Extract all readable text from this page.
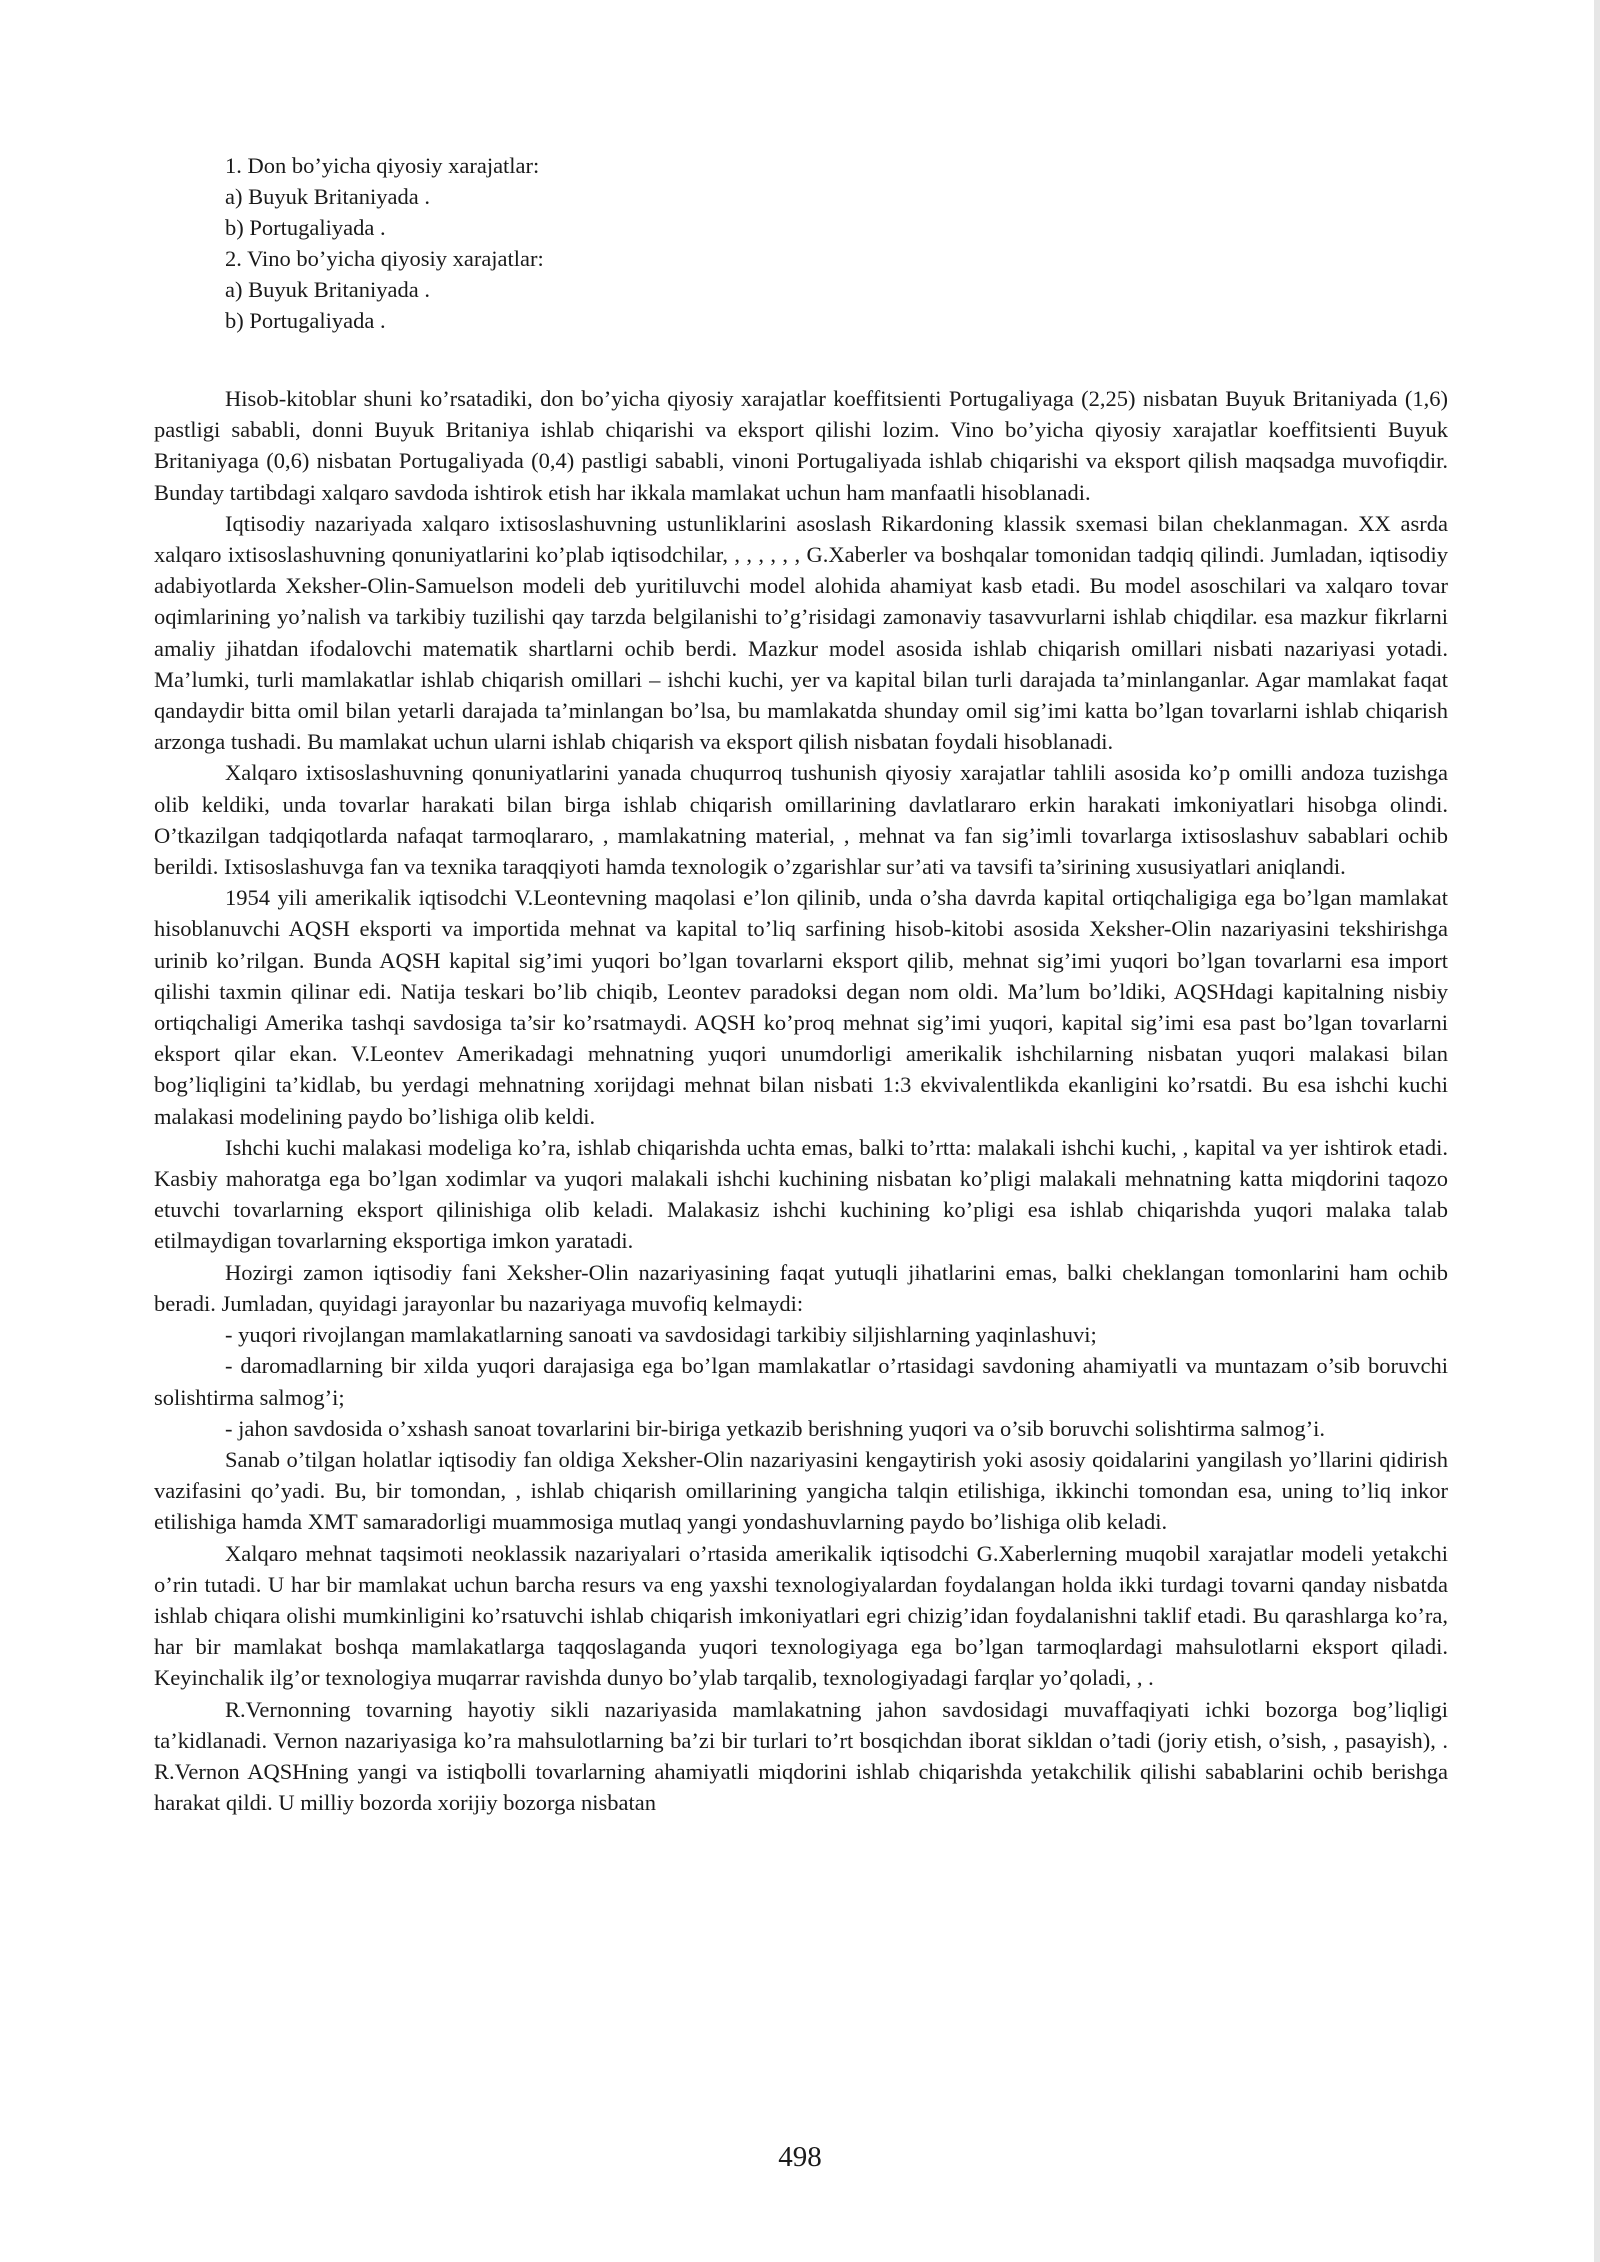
1. Don bo’yicha qiyosiy xarajatlar:
a) Buyuk Britaniyada .
b) Portugaliyada .
2. Vino bo’yicha qiyosiy xarajatlar:
a) Buyuk Britaniyada .
b) Portugaliyada .

Hisob-kitoblar shuni ko’rsatadiki, don bo’yicha qiyosiy xarajatlar koeffitsienti Portugaliyaga (2,25) nisbatan Buyuk Britaniyada (1,6) pastligi sababli, donni Buyuk Britaniya ishlab chiqarishi va eksport qilishi lozim. Vino bo’yicha qiyosiy xarajatlar koeffitsienti Buyuk Britaniyaga (0,6) nisbatan Portugaliyada (0,4) pastligi sababli, vinoni Portugaliyada ishlab chiqarishi va eksport qilish maqsadga muvofiqdir. Bunday tartibdagi xalqaro savdoda ishtirok etish har ikkala mamlakat uchun ham manfaatli hisoblanadi.

Iqtisodiy nazariyada xalqaro ixtisoslashuvning ustunliklarini asoslash Rikardoning klassik sxemasi bilan cheklanmagan. XX asrda xalqaro ixtisoslashuvning qonuniyatlarini ko’plab iqtisodchilar, , , , , , , G.Xaberler va boshqalar tomonidan tadqiq qilindi. Jumladan, iqtisodiy adabiyotlarda Xeksher-Olin-Samuelson modeli deb yuritiluvchi model alohida ahamiyat kasb etadi. Bu model asoschilari va xalqaro tovar oqimlarining yo’nalish va tarkibiy tuzilishi qay tarzda belgilanishi to’g’risidagi zamonaviy tasavvurlarni ishlab chiqdilar. esa mazkur fikrlarni amaliy jihatdan ifodalovchi matematik shartlarni ochib berdi. Mazkur model asosida ishlab chiqarish omillari nisbati nazariyasi yotadi. Ma’lumki, turli mamlakatlar ishlab chiqarish omillari – ishchi kuchi, yer va kapital bilan turli darajada ta’minlanganlar. Agar mamlakat faqat qandaydir bitta omil bilan yetarli darajada ta’minlangan bo’lsa, bu mamlakatda shunday omil sig’imi katta bo’lgan tovarlarni ishlab chiqarish arzonga tushadi. Bu mamlakat uchun ularni ishlab chiqarish va eksport qilish nisbatan foydali hisoblanadi.

Xalqaro ixtisoslashuvning qonuniyatlarini yanada chuqurroq tushunish qiyosiy xarajatlar tahlili asosida ko’p omilli andoza tuzishga olib keldiki, unda tovarlar harakati bilan birga ishlab chiqarish omillarining davlatlararo erkin harakati imkoniyatlari hisobga olindi. O’tkazilgan tadqiqotlarda nafaqat tarmoqlararo, , mamlakatning material, , mehnat va fan sig’imli tovarlarga ixtisoslashuv sabablari ochib berildi. Ixtisoslashuvga fan va texnika taraqqiyoti hamda texnologik o’zgarishlar sur’ati va tavsifi ta’sirining xususiyatlari aniqlandi.

1954 yili amerikalik iqtisodchi V.Leontevning maqolasi e’lon qilinib, unda o’sha davrda kapital ortiqchaligiga ega bo’lgan mamlakat hisoblanuvchi AQSH eksporti va importida mehnat va kapital to’liq sarfining hisob-kitobi asosida Xeksher-Olin nazariyasini tekshirishga urinib ko’rilgan. Bunda AQSH kapital sig’imi yuqori bo’lgan tovarlarni eksport qilib, mehnat sig’imi yuqori bo’lgan tovarlarni esa import qilishi taxmin qilinar edi. Natija teskari bo’lib chiqib, Leontev paradoksi degan nom oldi. Ma’lum bo’ldiki, AQSHdagi kapitalning nisbiy ortiqchaligi Amerika tashqi savdosiga ta’sir ko’rsatmaydi. AQSH ko’proq mehnat sig’imi yuqori, kapital sig’imi esa past bo’lgan tovarlarni eksport qilar ekan. V.Leontev Amerikadagi mehnatning yuqori unumdorligi amerikalik ishchilarning nisbatan yuqori malakasi bilan bog’liqligini ta’kidlab, bu yerdagi mehnatning xorijdagi mehnat bilan nisbati 1:3 ekvivalentlikda ekanligini ko’rsatdi. Bu esa ishchi kuchi malakasi modelining paydo bo’lishiga olib keldi.

Ishchi kuchi malakasi modeliga ko’ra, ishlab chiqarishda uchta emas, balki to’rtta: malakali ishchi kuchi, , kapital va yer ishtirok etadi. Kasbiy mahoratga ega bo’lgan xodimlar va yuqori malakali ishchi kuchining nisbatan ko’pligi malakali mehnatning katta miqdorini taqozo etuvchi tovarlarning eksport qilinishiga olib keladi. Malakasiz ishchi kuchining ko’pligi esa ishlab chiqarishda yuqori malaka talab etilmaydigan tovarlarning eksportiga imkon yaratadi.

Hozirgi zamon iqtisodiy fani Xeksher-Olin nazariyasining faqat yutuqli jihatlarini emas, balki cheklangan tomonlarini ham ochib beradi. Jumladan, quyidagi jarayonlar bu nazariyaga muvofiq kelmaydi:

- yuqori rivojlangan mamlakatlarning sanoati va savdosidagi tarkibiy siljishlarning yaqinlashuvi;

- daromadlarning bir xilda yuqori darajasiga ega bo’lgan mamlakatlar o’rtasidagi savdoning ahamiyatli va muntazam o’sib boruvchi solishtirma salmog’i;

- jahon savdosida o’xshash sanoat tovarlarini bir-biriga yetkazib berishning yuqori va o’sib boruvchi solishtirma salmog’i.

Sanab o’tilgan holatlar iqtisodiy fan oldiga Xeksher-Olin nazariyasini kengaytirish yoki asosiy qoidalarini yangilash yo’llarini qidirish vazifasini qo’yadi. Bu, bir tomondan, , ishlab chiqarish omillarining yangicha talqin etilishiga, ikkinchi tomondan esa, uning to’liq inkor etilishiga hamda XMT samaradorligi muammosiga mutlaq yangi yondashuvlarning paydo bo’lishiga olib keladi.

Xalqaro mehnat taqsimoti neoklassik nazariyalari o’rtasida amerikalik iqtisodchi G.Xaberlerning muqobil xarajatlar modeli yetakchi o’rin tutadi. U har bir mamlakat uchun barcha resurs va eng yaxshi texnologiyalardan foydalangan holda ikki turdagi tovarni qanday nisbatda ishlab chiqara olishi mumkinligini ko’rsatuvchi ishlab chiqarish imkoniyatlari egri chizig’idan foydalanishni taklif etadi. Bu qarashlarga ko’ra, har bir mamlakat boshqa mamlakatlarga taqqoslaganda yuqori texnologiyaga ega bo’lgan tarmoqlardagi mahsulotlarni eksport qiladi. Keyinchalik ilg’or texnologiya muqarrar ravishda dunyo bo’ylab tarqalib, texnologiyadagi farqlar yo’qoladi, , .

R.Vernonning tovarning hayotiy sikli nazariyasida mamlakatning jahon savdosidagi muvaffaqiyati ichki bozorga bog’liqligi ta’kidlanadi. Vernon nazariyasiga ko’ra mahsulotlarning ba’zi bir turlari to’rt bosqichdan iborat sikldan o’tadi (joriy etish, o’sish, , pasayish), . R.Vernon AQSHning yangi va istiqbolli tovarlarning ahamiyatli miqdorini ishlab chiqarishda yetakchilik qilishi sabablarini ochib berishga harakat qildi. U milliy bozorda xorijiy bozorga nisbatan

498
